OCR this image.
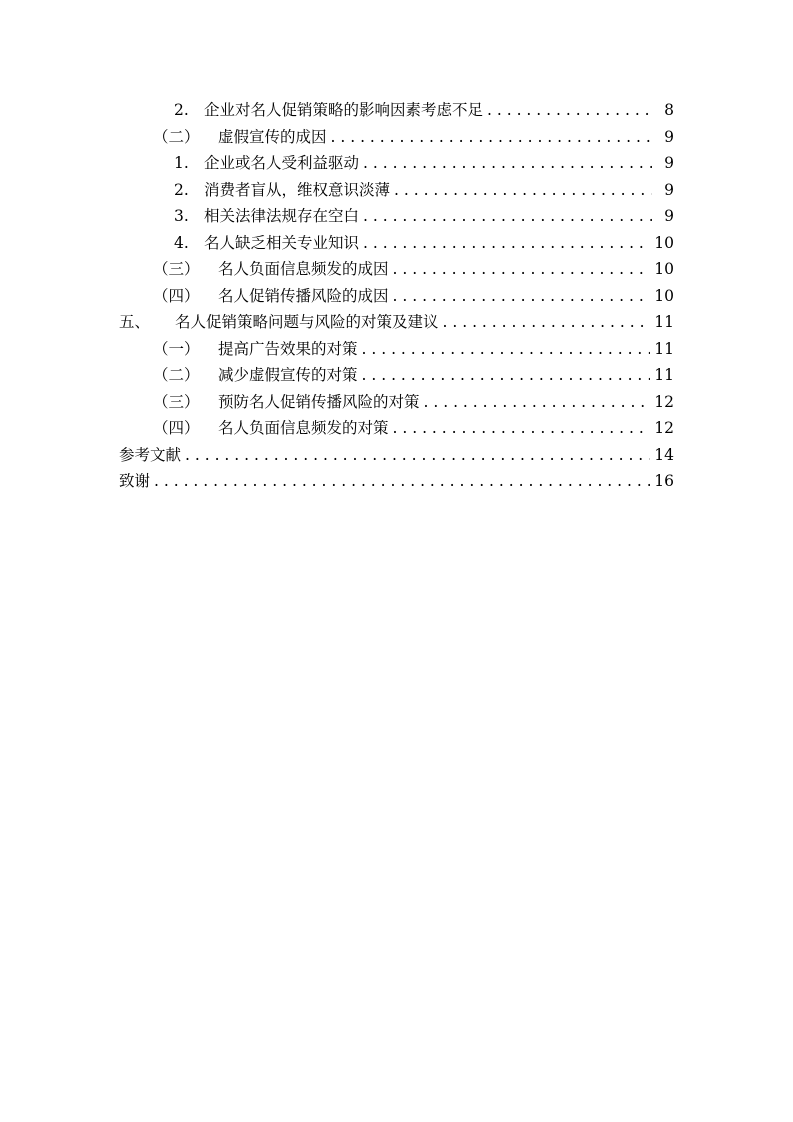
2. 企业对名人促销策略的影响因素考虑不足 . . .	8
（二）	虚假宣传的成因 . . .	9
1. 企业或名人受利益驱动 . . .	9
2. 消费者盲从，维权意识淡薄 . . .	9
3. 相关法律法规存在空白 . . .	9
4. 名人缺乏相关专业知识 . . .	10
（三）	名人负面信息频发的成因 . . .	10
（四）	名人促销传播风险的成因 . . .	10
五、	名人促销策略问题与风险的对策及建议 . . .	11
（一）	提高广告效果的对策 . . .	11
（二）	减少虚假宣传的对策 . . .	11
（三）	预防名人促销传播风险的对策 . . .	12
（四）	名人负面信息频发的对策 . . .	12
参考文献 . . .	14
致谢 . . .	16
